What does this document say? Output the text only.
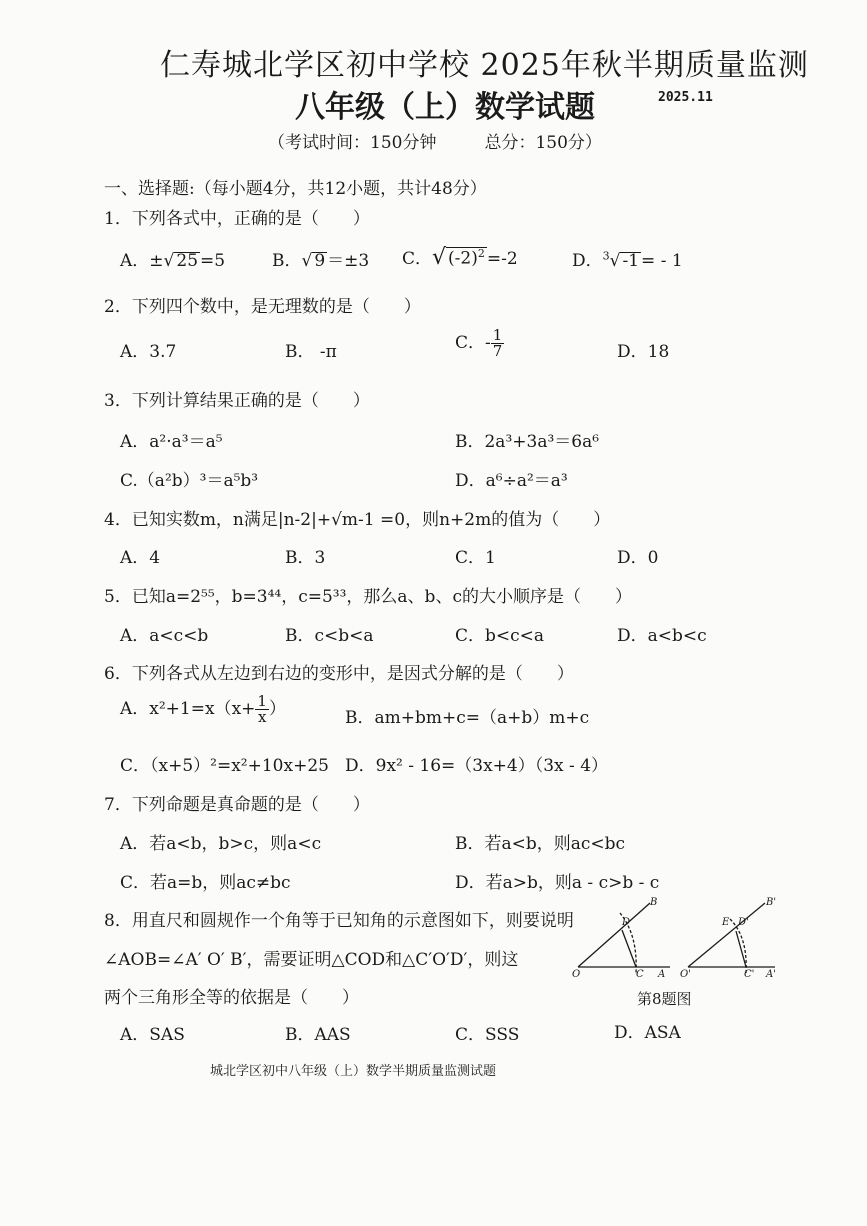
仁寿城北学区初中学校 2025年秋半期质量监测
八年级（上）数学试题	2025.11
（考试时间：150分钟	总分：150分）
一、选择题:（每小题4分，共12小题，共计48分）
1．下列各式中，正确的是（　　）
A．±√ 25 =5	B．√ 9 ＝±3 C．√ $(-2)^2 =-2$	D．$^3$√ -1 = - 1
2．下列四个数中，是无理数的是（　　）
A．3.7	B． -π	C．- $\frac{1}{7}$	D．18
3．下列计算结果正确的是（　　）
A．a²·a³＝a⁵	B．2a³+3a³＝6a⁶
C.（a²b）³＝a⁵b³	D．a⁶÷a²＝a³
4．已知实数m，n满足|n-2|+√m-1 =0，则n+2m的值为（　　）
A．4	B．3	C．1	D．0
5．已知a=2⁵⁵，b=3⁴⁴，c=5³³，那么a、b、c的大小顺序是（　　）
A．a<c<b	B．c<b<a	C．b<c<a	D．a<b<c
6．下列各式从左边到右边的变形中，是因式分解的是（　　）
A．$x^2+1=x(x+ \frac{1}{x}$ ）	B．am+bm+c=（a+b）m+c
C．（x+5）²=x²+10x+25 D．9x² - 16=（3x+4）（3x - 4）
7．下列命题是真命题的是（　　）
A．若a<b，b>c，则a<c	B．若a<b，则ac<bc
C．若a=b，则ac≠bc	D．若a>b，则a - c>b - c
8．用直尺和圆规作一个角等于已知角的示意图如下，则要说明
∠AOB=∠A′ O′ B′，需要证明△COD和△C′O′D′，则这
两个三角形全等的依据是（　　）
A．SAS	B．AAS	C．SSS	D．ASA
O	A
B
C
D
O'	A'
B'
C'
D'
E
第8题图
城北学区初中八年级（上）数学半期质量监测试题
